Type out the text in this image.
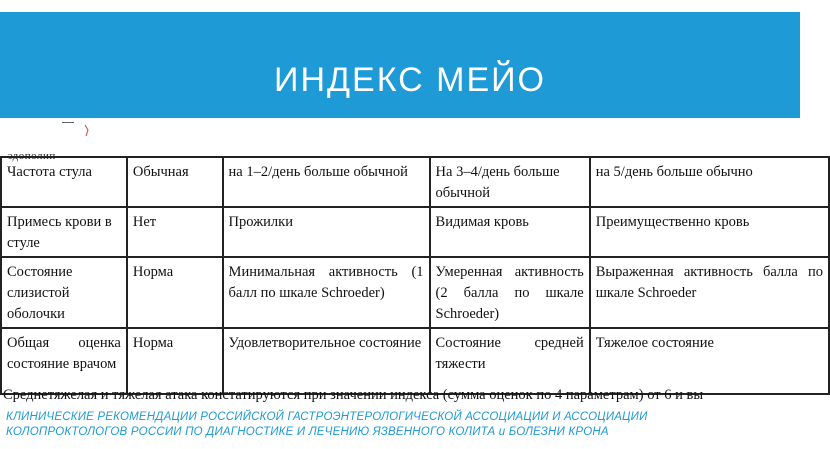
ИНДЕКС МЕЙО
эдополип
Частота стула	Обычная	на 1–2/день больше обычной	На 3–4/день больше обычной	на 5/день больше обычно
Примесь крови в стуле	Нет	Прожилки	Видимая кровь	Преимущественно кровь
Состояние слизистой оболочки	Норма	Минимальная активность (1 балл по шкале Schroeder)	Умеренная активность (2 балла по шкале Schroeder)	Выраженная активность балла по шкале Schroeder
Общая оценка состояние врачом	Норма	Удовлетворительное состояние	Состояние средней тяжести	Тяжелое состояние
Среднетяжелая и тяжелая атака констатируются при значении индекса (сумма оценок по 4 параметрам) от 6 и вы
КЛИНИЧЕСКИЕ РЕКОМЕНДАЦИИ РОССИЙСКОЙ ГАСТРОЭНТЕРОЛОГИЧЕСКОЙ АССОЦИАЦИИ И АССОЦИАЦИИ
КОЛОПРОКТОЛОГОВ РОССИИ ПО ДИАГНОСТИКЕ И ЛЕЧЕНИЮ ЯЗВЕННОГО КОЛИТА и БОЛЕЗНИ КРОНА
